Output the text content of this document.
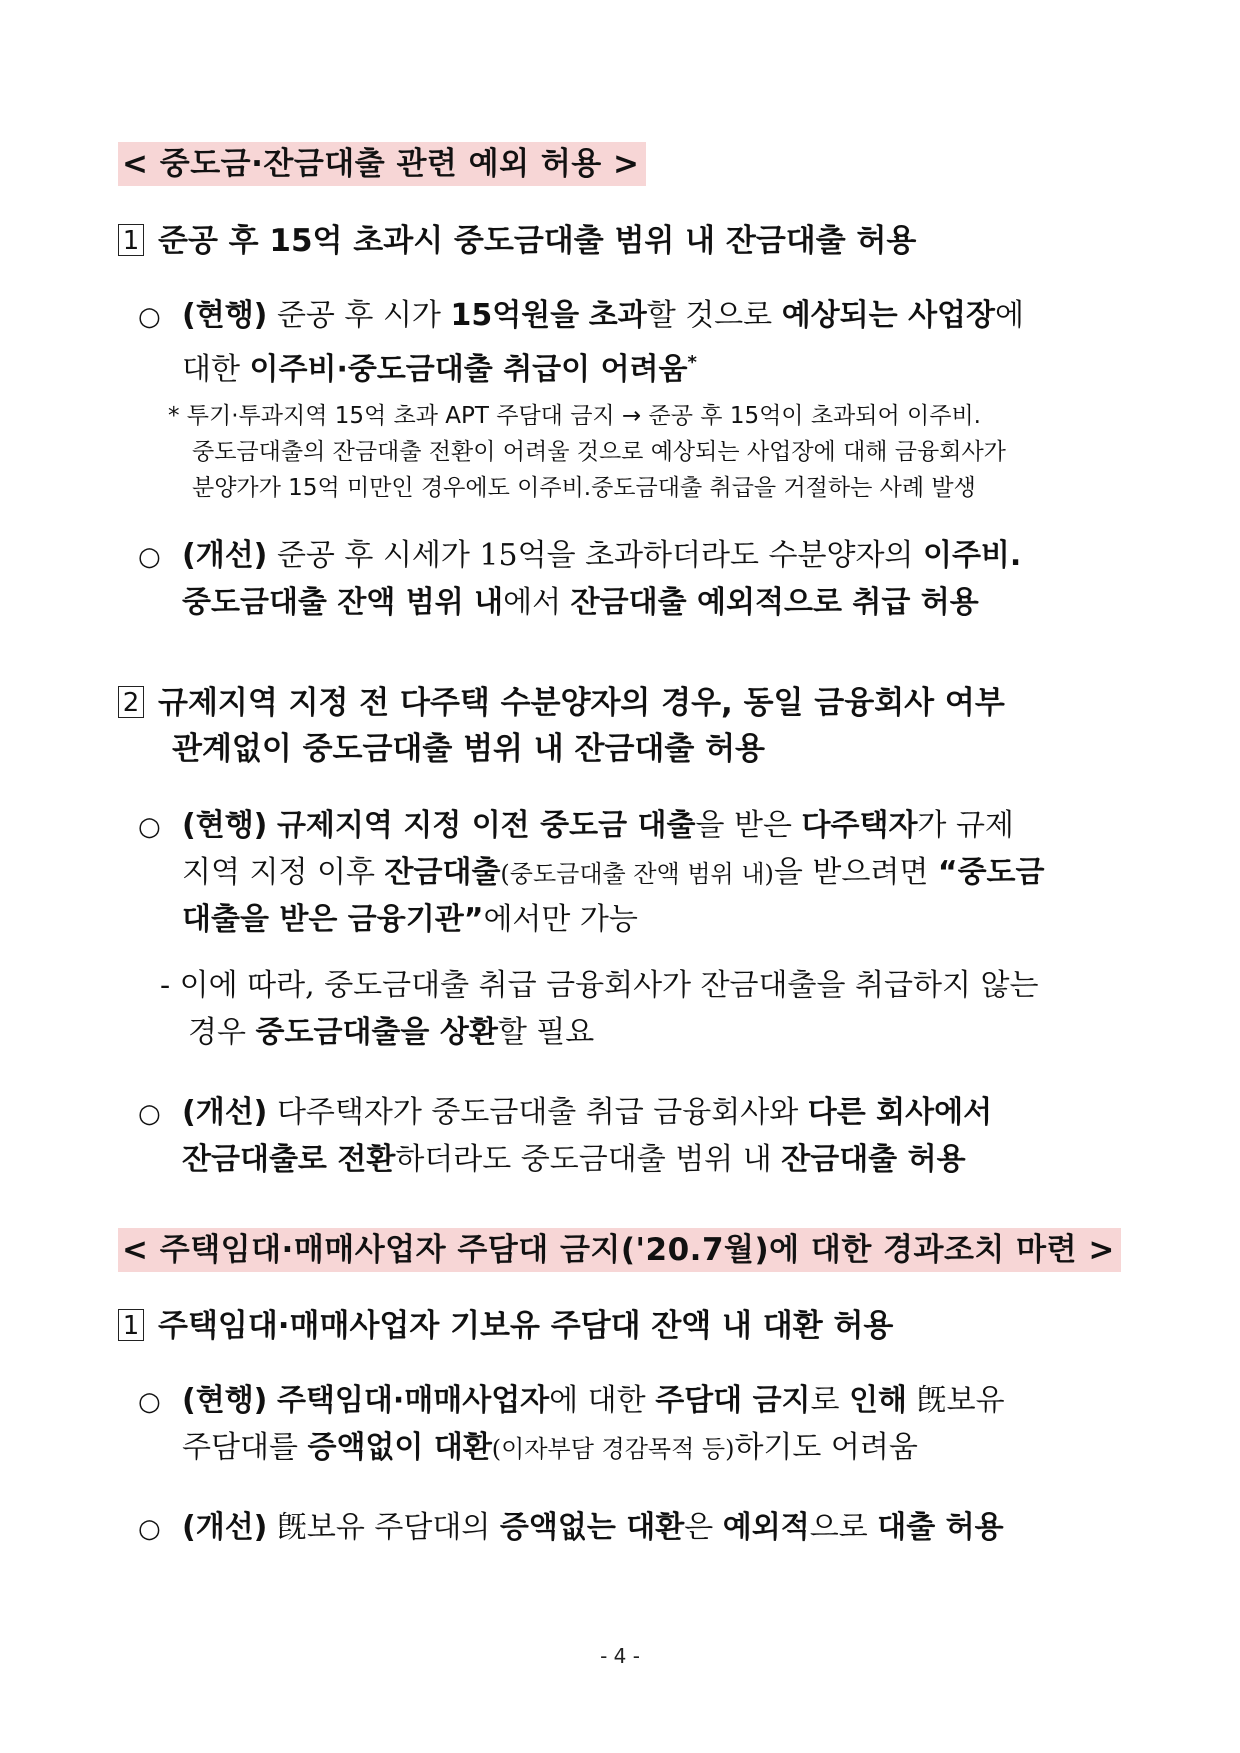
< 중도금·잔금대출 관련 예외 허용 >
1 준공 후 15억 초과시 중도금대출 범위 내 잔금대출 허용
○ (현행) 준공 후 시가 15억원을 초과할 것으로 예상되는 사업장에
대한 이주비·중도금대출 취급이 어려움*
* 투기·투과지역 15억 초과 APT 주담대 금지 → 준공 후 15억이 초과되어 이주비.
중도금대출의 잔금대출 전환이 어려울 것으로 예상되는 사업장에 대해 금융회사가
분양가가 15억 미만인 경우에도 이주비.중도금대출 취급을 거절하는 사례 발생
○ (개선) 준공 후 시세가 15억을 초과하더라도 수분양자의 이주비.
중도금대출 잔액 범위 내에서 잔금대출 예외적으로 취급 허용
2 규제지역 지정 전 다주택 수분양자의 경우, 동일 금융회사 여부
관계없이 중도금대출 범위 내 잔금대출 허용
○ (현행) 규제지역 지정 이전 중도금 대출을 받은 다주택자가 규제
지역 지정 이후 잔금대출(중도금대출 잔액 범위 내)을 받으려면 “중도금
대출을 받은 금융기관”에서만 가능
- 이에 따라, 중도금대출 취급 금융회사가 잔금대출을 취급하지 않는
경우 중도금대출을 상환할 필요
○ (개선) 다주택자가 중도금대출 취급 금융회사와 다른 회사에서
잔금대출로 전환하더라도 중도금대출 범위 내 잔금대출 허용
< 주택임대·매매사업자 주담대 금지('20.7월)에 대한 경과조치 마련 >
1 주택임대·매매사업자 기보유 주담대 잔액 내 대환 허용
○ (현행) 주택임대·매매사업자에 대한 주담대 금지로 인해 旣보유
주담대를 증액없이 대환(이자부담 경감목적 등)하기도 어려움
○ (개선) 旣보유 주담대의 증액없는 대환은 예외적으로 대출 허용
- 4 -
